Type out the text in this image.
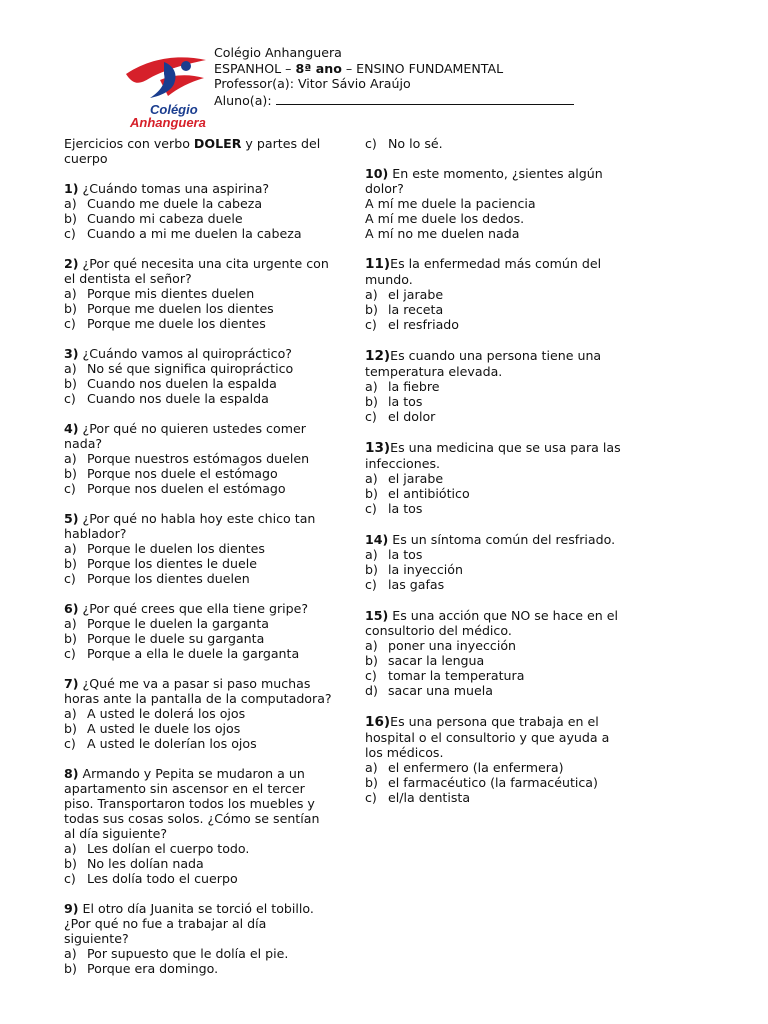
Colégio
Anhanguera
Colégio Anhanguera
ESPANHOL – 8ª ano – ENSINO FUNDAMENTAL
Professor(a): Vitor Sávio Araújo
Aluno(a):
Ejercicios con verbo DOLER y partes del cuerpo
1) ¿Cuándo tomas una aspirina?
a) Cuando me duele la cabeza
b) Cuando mi cabeza duele
c) Cuando a mi me duelen la cabeza
2) ¿Por qué necesita una cita urgente con el dentista el señor?
a) Porque mis dientes duelen
b) Porque me duelen los dientes
c) Porque me duele los dientes
3) ¿Cuándo vamos al quiropráctico?
a) No sé que significa quiropráctico
b) Cuando nos duelen la espalda
c) Cuando nos duele la espalda
4) ¿Por qué no quieren ustedes comer nada?
a) Porque nuestros estómagos duelen
b) Porque nos duele el estómago
c) Porque nos duelen el estómago
5) ¿Por qué no habla hoy este chico tan hablador?
a) Porque le duelen los dientes
b) Porque los dientes le duele
c) Porque los dientes duelen
6) ¿Por qué crees que ella tiene gripe?
a) Porque le duelen la garganta
b) Porque le duele su garganta
c) Porque a ella le duele la garganta
7) ¿Qué me va a pasar si paso muchas horas ante la pantalla de la computadora?
a) A usted le dolerá los ojos
b) A usted le duele los ojos
c) A usted le dolerían los ojos
8) Armando y Pepita se mudaron a un apartamento sin ascensor en el tercer piso. Transportaron todos los muebles y todas sus cosas solos. ¿Cómo se sentían al día siguiente?
a) Les dolían el cuerpo todo.
b) No les dolían nada
c) Les dolía todo el cuerpo
9) El otro día Juanita se torció el tobillo. ¿Por qué no fue a trabajar al día siguiente?
a) Por supuesto que le dolía el pie.
b) Porque era domingo.
c) No lo sé.
10) En este momento, ¿sientes algún dolor?
A mí me duele la paciencia
A mí me duele los dedos.
A mí no me duelen nada
11)Es la enfermedad más común del mundo.
a) el jarabe
b) la receta
c) el resfriado
12)Es cuando una persona tiene una temperatura elevada.
a) la fiebre
b) la tos
c) el dolor
13)Es una medicina que se usa para las infecciones.
a) el jarabe
b) el antibiótico
c) la tos
14) Es un síntoma común del resfriado.
a) la tos
b) la inyección
c) las gafas
15) Es una acción que NO se hace en el consultorio del médico.
a) poner una inyección
b) sacar la lengua
c) tomar la temperatura
d) sacar una muela
16)Es una persona que trabaja en el hospital o el consultorio y que ayuda a los médicos.
a) el enfermero (la enfermera)
b) el farmacéutico (la farmacéutica)
c) el/la dentista
